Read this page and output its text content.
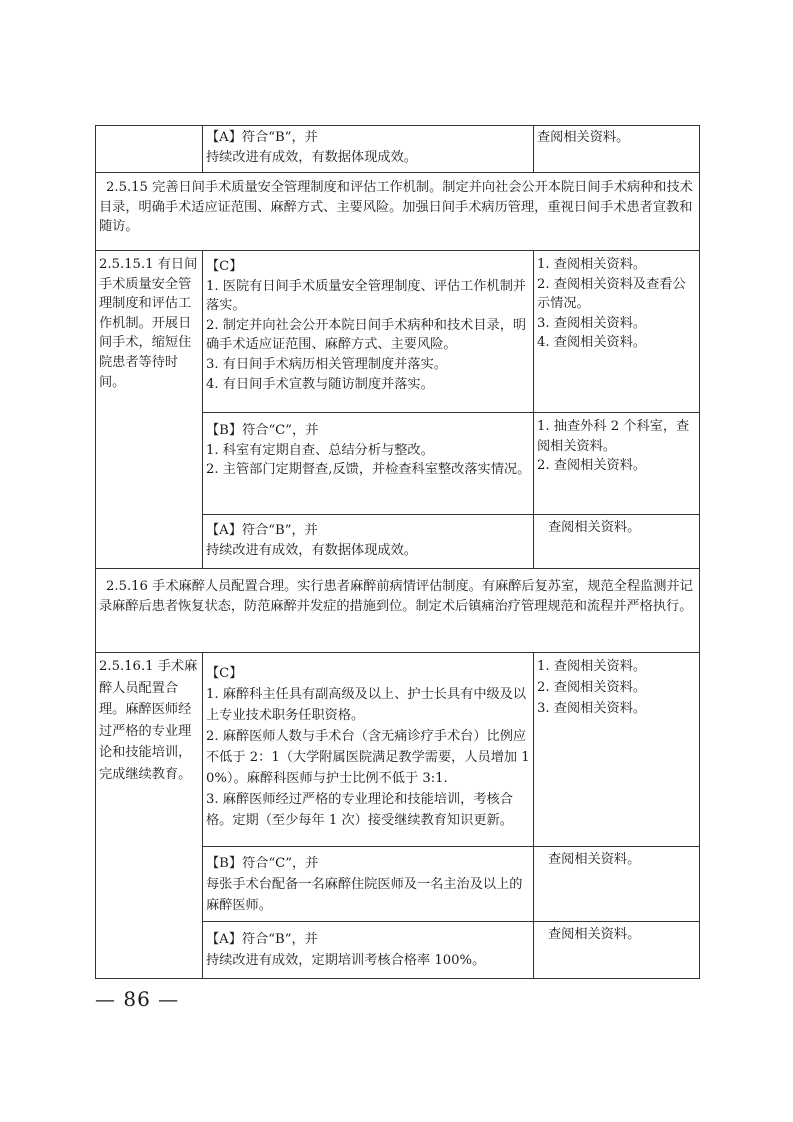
【A】符合“B”，并
持续改进有成效，有数据体现成效。
查阅相关资料。
2.5.15 完善日间手术质量安全管理制度和评估工作机制。制定并向社会公开本院日间手术病种和技术目录，明确手术适应证范围、麻醉方式、主要风险。加强日间手术病历管理，重视日间手术患者宣教和随访。
2.5.15.1 有日间手术质量安全管理制度和评估工作机制。开展日间手术，缩短住院患者等待时间。
【C】
1. 医院有日间手术质量安全管理制度、评估工作机制并落实。
2. 制定并向社会公开本院日间手术病种和技术目录，明确手术适应证范围、麻醉方式、主要风险。
3. 有日间手术病历相关管理制度并落实。
4. 有日间手术宣教与随访制度并落实。
1. 查阅相关资料。
2. 查阅相关资料及查看公示情况。
3. 查阅相关资料。
4. 查阅相关资料。
【B】符合“C”，并
1. 科室有定期自查、总结分析与整改。
2. 主管部门定期督查,反馈，并检查科室整改落实情况。
1. 抽查外科 2 个科室，查阅相关资料。
2. 查阅相关资料。
【A】符合“B”，并
持续改进有成效，有数据体现成效。
查阅相关资料。
2.5.16 手术麻醉人员配置合理。实行患者麻醉前病情评估制度。有麻醉后复苏室，规范全程监测并记录麻醉后患者恢复状态，防范麻醉并发症的措施到位。制定术后镇痛治疗管理规范和流程并严格执行。
2.5.16.1 手术麻醉人员配置合理。麻醉医师经过严格的专业理论和技能培训，完成继续教育。
【C】
1. 麻醉科主任具有副高级及以上、护士长具有中级及以上专业技术职务任职资格。
2. 麻醉医师人数与手术台（含无痛诊疗手术台）比例应不低于 2：1（大学附属医院满足教学需要，人员增加 10%）。麻醉科医师与护士比例不低于 3:1.
3. 麻醉医师经过严格的专业理论和技能培训，考核合格。定期（至少每年 1 次）接受继续教育知识更新。
1. 查阅相关资料。
2. 查阅相关资料。
3. 查阅相关资料。
【B】符合“C”，并
每张手术台配备一名麻醉住院医师及一名主治及以上的麻醉医师。
查阅相关资料。
【A】符合“B”，并
持续改进有成效，定期培训考核合格率 100%。
查阅相关资料。
— 86 —
